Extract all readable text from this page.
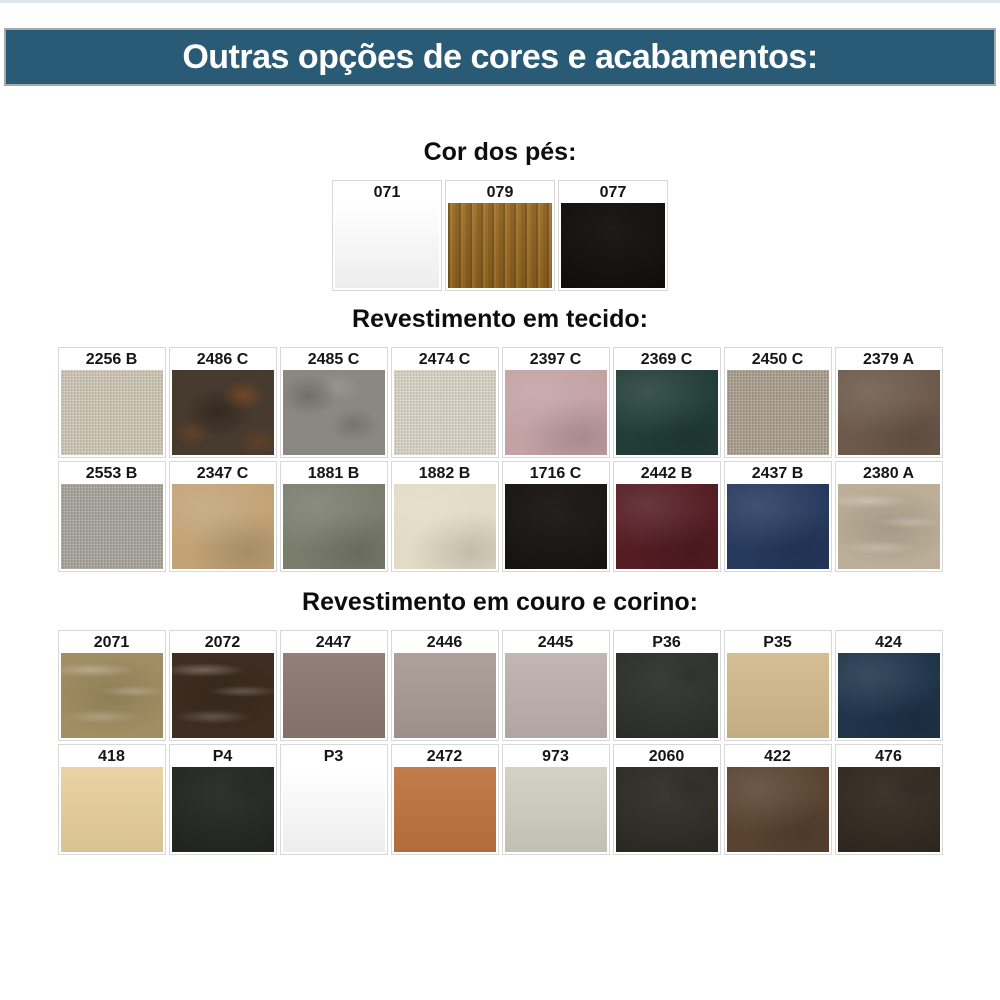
Outras opções de cores e acabamentos:
Cor dos pés:
071	079	077
Revestimento em tecido:
2256 B	2486 C	2485 C	2474 C	2397 C	2369 C	2450 C	2379 A
2553 B	2347 C	1881 B	1882 B	1716 C	2442 B	2437 B	2380 A
Revestimento em couro e corino:
2071	2072	2447	2446	2445	P36	P35	424
418	P4	P3	2472	973	2060	422	476
